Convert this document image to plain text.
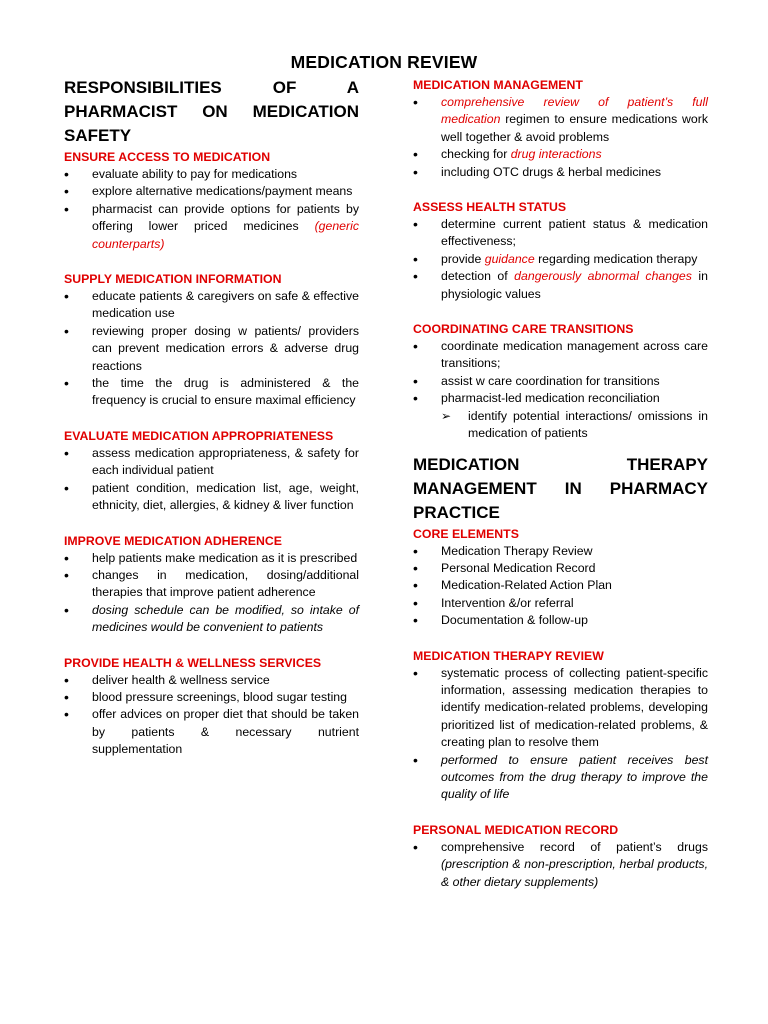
MEDICATION REVIEW
RESPONSIBILITIES OF A PHARMACIST ON MEDICATION SAFETY
ENSURE ACCESS TO MEDICATION
• evaluate ability to pay for medications
• explore alternative medications/payment means
• pharmacist can provide options for patients by offering lower priced medicines (generic counterparts)
SUPPLY MEDICATION INFORMATION
• educate patients & caregivers on safe & effective medication use
• reviewing proper dosing w patients/ providers can prevent medication errors & adverse drug reactions
• the time the drug is administered & the frequency is crucial to ensure maximal efficiency
EVALUATE MEDICATION APPROPRIATENESS
• assess medication appropriateness, & safety for each individual patient
• patient condition, medication list, age, weight, ethnicity, diet, allergies, & kidney & liver function
IMPROVE MEDICATION ADHERENCE
• help patients make medication as it is prescribed
• changes in medication, dosing/additional therapies that improve patient adherence
• dosing schedule can be modified, so intake of medicines would be convenient to patients
PROVIDE HEALTH & WELLNESS SERVICES
• deliver health & wellness service
• blood pressure screenings, blood sugar testing
• offer advices on proper diet that should be taken by patients & necessary nutrient supplementation
MEDICATION MANAGEMENT
• comprehensive review of patient’s full medication regimen to ensure medications work well together & avoid problems
• checking for drug interactions
• including OTC drugs & herbal medicines
ASSESS HEALTH STATUS
• determine current patient status & medication effectiveness;
• provide guidance regarding medication therapy
• detection of dangerously abnormal changes in physiologic values
COORDINATING CARE TRANSITIONS
• coordinate medication management across care transitions;
• assist w care coordination for transitions
• pharmacist-led medication reconciliation
➢ identify potential interactions/ omissions in medication of patients
MEDICATION THERAPY MANAGEMENT IN PHARMACY PRACTICE
CORE ELEMENTS
• Medication Therapy Review
• Personal Medication Record
• Medication-Related Action Plan
• Intervention &/or referral
• Documentation & follow-up
MEDICATION THERAPY REVIEW
• systematic process of collecting patient-specific information, assessing medication therapies to identify medication-related problems, developing prioritized list of medication-related problems, & creating plan to resolve them
• performed to ensure patient receives best outcomes from the drug therapy to improve the quality of life
PERSONAL MEDICATION RECORD
• comprehensive record of patient’s drugs (prescription & non-prescription, herbal products, & other dietary supplements)
